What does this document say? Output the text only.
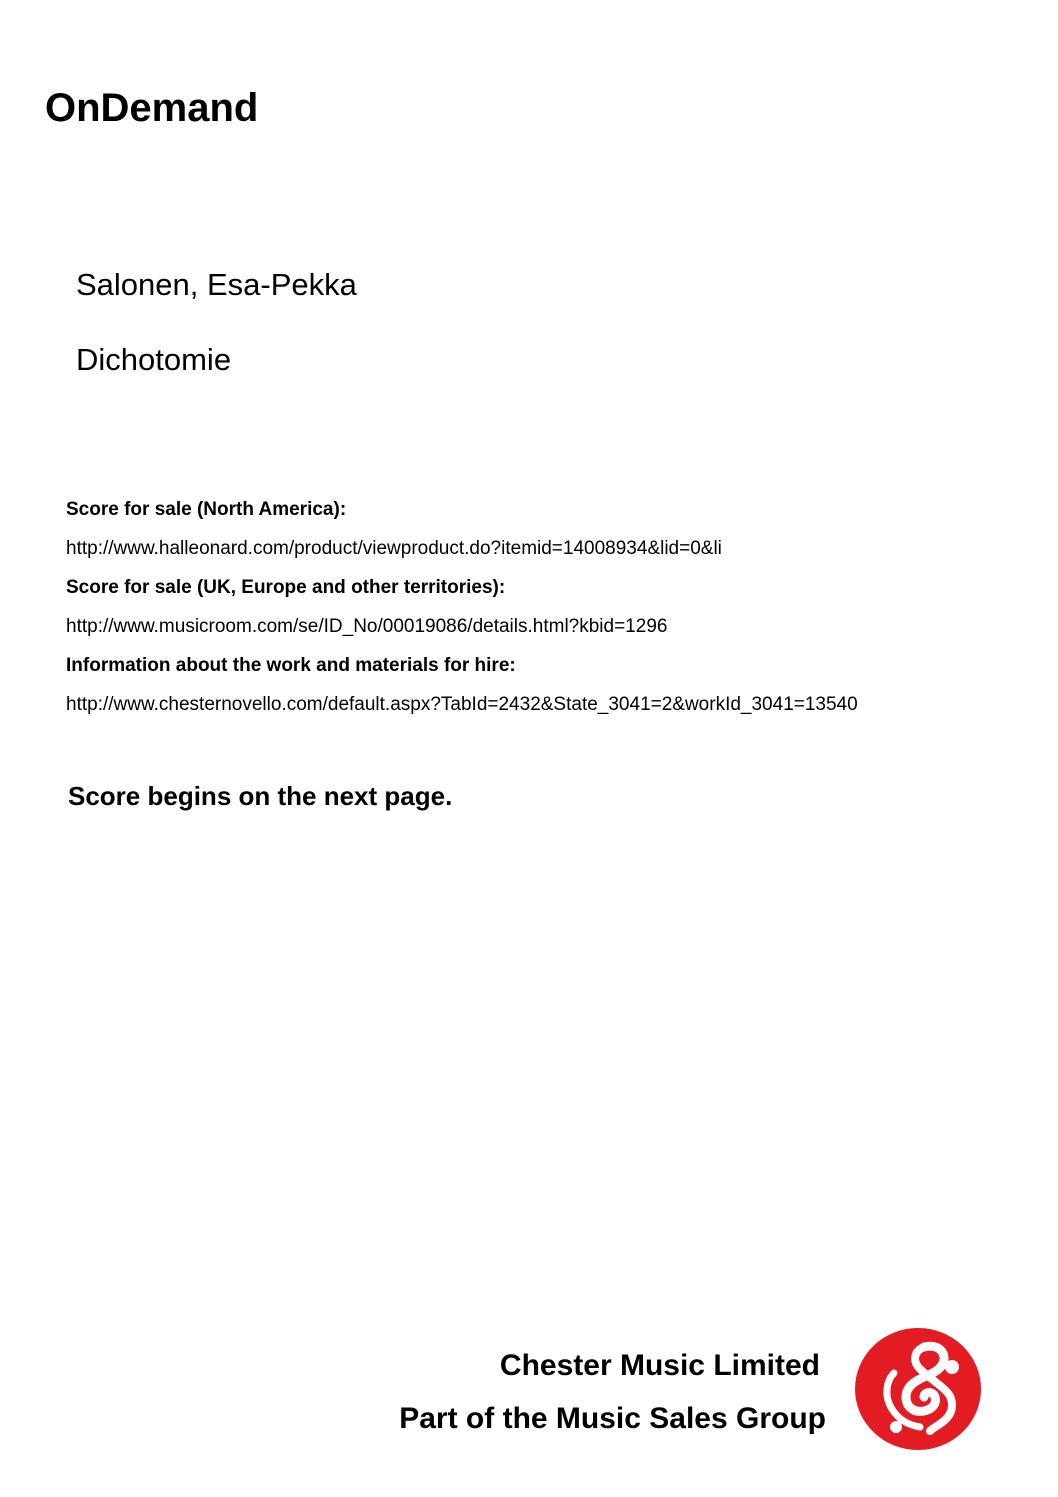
OnDemand
Salonen, Esa-Pekka
Dichotomie
Score for sale (North America):
http://www.halleonard.com/product/viewproduct.do?itemid=14008934&lid=0&li
Score for sale (UK, Europe and other territories):
http://www.musicroom.com/se/ID_No/00019086/details.html?kbid=1296
Information about the work and materials for hire:
http://www.chesternovello.com/default.aspx?TabId=2432&State_3041=2&workId_3041=13540
Score begins on the next page.
Chester Music Limited
Part of the Music Sales Group
